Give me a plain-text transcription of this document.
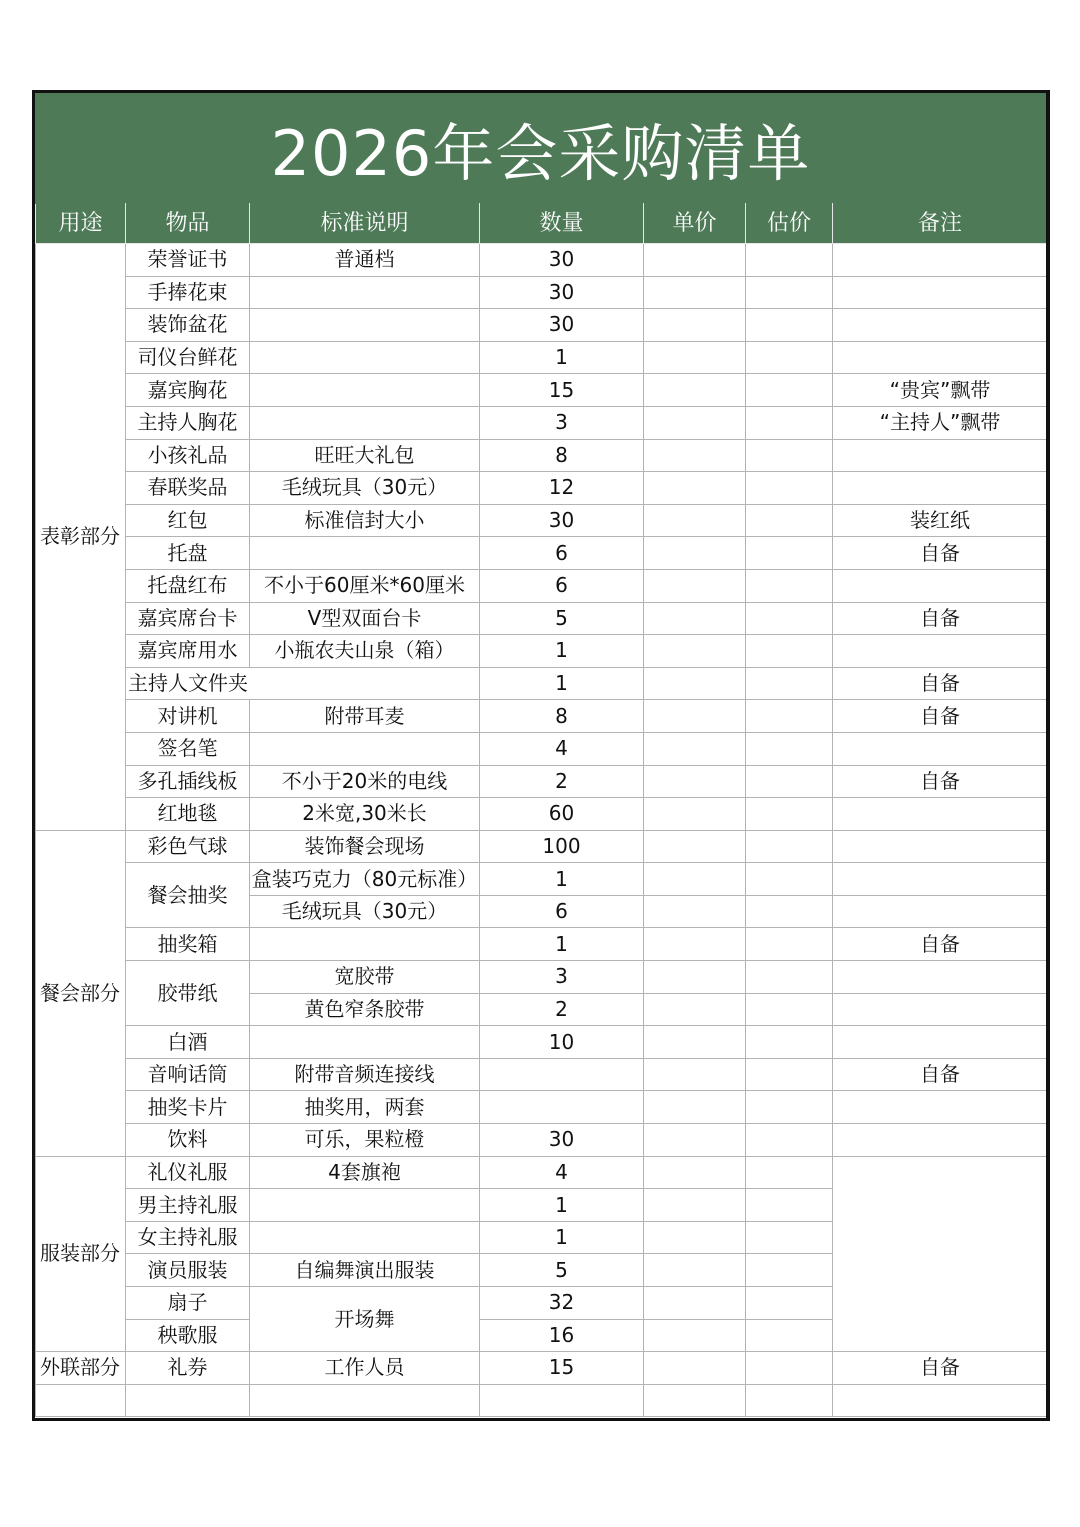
2026年会采购清单
用途	物品	标准说明	数量	单价	估价	备注
表彰部分	荣誉证书	普通档	30			
	手捧花束		30			
	装饰盆花		30			
	司仪台鲜花		1			
	嘉宾胸花		15			“贵宾”飘带
	主持人胸花		3			“主持人”飘带
	小孩礼品	旺旺大礼包	8			
	春联奖品	毛绒玩具（30元）	12			
	红包	标准信封大小	30			装红纸
	托盘		6			自备
	托盘红布	不小于60厘米*60厘米	6			
	嘉宾席台卡	V型双面台卡	5			自备
	嘉宾席用水	小瓶农夫山泉（箱）	1			
	主持人文件夹		1			自备
	对讲机	附带耳麦	8			自备
	签名笔		4			
	多孔插线板	不小于20米的电线	2			自备
	红地毯	2米宽,30米长	60			
餐会部分	彩色气球	装饰餐会现场	100			
	餐会抽奖	盒装巧克力（80元标准）	1			
		毛绒玩具（30元）	6			
	抽奖箱		1			自备
	胶带纸	宽胶带	3			
		黄色窄条胶带	2			
	白酒		10			
	音响话筒	附带音频连接线				自备
	抽奖卡片	抽奖用，两套				
	饮料	可乐，果粒橙	30			
服装部分	礼仪礼服	4套旗袍	4			
	男主持礼服		1			
	女主持礼服		1			
	演员服装	自编舞演出服装	5			
	扇子	开场舞	32			
	秧歌服		16			
外联部分	礼券	工作人员	15			自备
